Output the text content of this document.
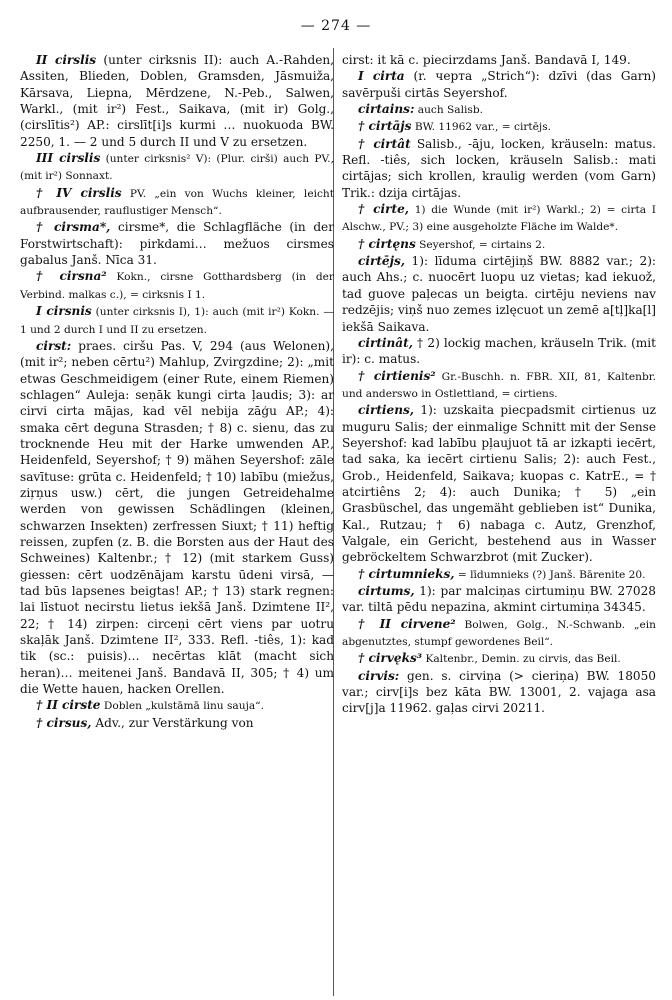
— 274 —

II cirslis (unter cirksnis II): auch A.-Rahden, Assiten, Blieden, Doblen, Gramsden, Jāsmuiža, Kārsava, Liepna, Mērdzene, N.-Peb., Salwen, Warkl., (mit ir²) Fest., Saikava, (mit ir) Golg., (cirslītis²) AP.: cirslīt[i]s kurmi … nuokuoda BW. 2250, 1. — 2 und 5 durch II und V zu ersetzen.

III cirslis (unter cirksnis² V): (Plur. cirši) auch PV., (mit ir²) Sonnaxt.

† IV cirslis PV. „ein von Wuchs kleiner, leicht aufbrausender, rauflustiger Mensch“.

† cirsma*, cirsme*, die Schlagfläche (in der Forstwirtschaft): pirkdami… mežuos cirsmes gabalus Janš. Nīca 31.

† cirsna² Kokn., cirsne Gotthardsberg (in der Verbind. malkas c.), = cirksnis I 1.

I cirsnis (unter cirksnis I), 1): auch (mit ir²) Kokn. — 1 und 2 durch I und II zu ersetzen.

cirst: praes. ciršu Pas. V, 294 (aus Welonen), (mit ir²; neben cērtu²) Mahlup, Zvirgzdine; 2): „mit etwas Geschmeidigem (einer Rute, einem Riemen) schlagen“ Auleja: seņāk kungi cirta ļaudis; 3): ar cirvi cirta mājas, kad vēl nebija zāģu AP.; 4): smaka cērt deguna Strasden; † 8) c. sienu, das zu trocknende Heu mit der Harke umwenden AP., Heidenfeld, Seyershof; † 9) mähen Seyershof: zāle savītuse: grūta c. Heidenfeld; † 10) labību (miežus, ziŗņus usw.) cērt, die jungen Getreidehalme werden von gewissen Schädlingen (kleinen, schwarzen Insekten) zerfressen Siuxt; † 11) heftig reissen, zupfen (z. B. die Borsten aus der Haut des Schweines) Kaltenbr.; † 12) (mit starkem Guss) giessen: cērt uodzēnājam karstu ūdeni virsā, — tad būs lapsenes beigtas! AP.; † 13) stark regnen: lai līstuot necirstu lietus iekšā Janš. Dzimtene II², 22; † 14) zirpen: circeņi cērt viens par uotru skaļāk Janš. Dzimtene II², 333. Refl. -tiês, 1): kad tik (sc.: puisis)… necērtas klāt (macht sich heran)… meitenei Janš. Bandavā II, 305; † 4) um die Wette hauen, hacken Orellen.

† II cirste Doblen „kulstāmā linu sauja“.

† cirsus, Adv., zur Verstärkung von

cirst: it kā c. piecirzdams Janš. Bandavā I, 149.

I cirta (r. черта „Strich“): dzīvi (das Garn) savērpuši cirtās Seyershof.

cirtains: auch Salisb.

† cirtājs BW. 11962 var., = cirtējs.

† cirtât Salisb., -āju, locken, kräuseln: matus. Refl. -tiês, sich locken, kräuseln Salisb.: mati cirtājas; sich krollen, kraulig werden (vom Garn) Trik.: dzija cirtājas.

† cirte, 1) die Wunde (mit ir²) Warkl.; 2) = cirta I Alschw., PV.; 3) eine ausgeholzte Fläche im Walde*.

† cirtęns Seyershof, = cirtains 2.

cirtējs, 1): līduma cirtējiņš BW. 8882 var.; 2): auch Ahs.; c. nuocērt luopu uz vietas; kad iekuož, tad guove paļecas un beigta. cirtēju neviens nav redzējis; viņš nuo zemes izlęcuot un zemē a[tļ]ka[l] iekšā Saikava.

cirtinât, † 2) lockig machen, kräuseln Trik. (mit ir): c. matus.

† cirtienis² Gr.-Buschh. n. FBR. XII, 81, Kaltenbr. und anderswo in Ostlettland, = cirtiens.

cirtiens, 1): uzskaita piecpadsmit cirtienus uz muguru Salis; der einmalige Schnitt mit der Sense Seyershof: kad labību pļaujuot tā ar izkapti iecērt, tad saka, ka iecērt cirtienu Salis; 2): auch Fest., Grob., Heidenfeld, Saikava; kuopas c. KatrE., = † atcirtiêns 2; 4): auch Dunika; † 5) „ein Grasbüschel, das ungemäht geblieben ist“ Dunika, Kal., Rutzau; † 6) nabaga c. Autz, Grenzhof, Valgale, ein Gericht, bestehend aus in Wasser gebröckeltem Schwarzbrot (mit Zucker).

† cirtumnieks, = līdumnieks (?) Janš. Bārenite 20.

cirtums, 1): par malciņas cirtumiņu BW. 27028 var. tiltā pēdu nepazina, akmint cirtumiņa 34345.

† II cirvene² Bolwen, Golg., N.-Schwanb. „ein abgenutztes, stumpf gewordenes Beil“.

† cirvęks³ Kaltenbr., Demin. zu cirvis, das Beil.

cirvis: gen. s. cirviņa (> cieriņa) BW. 18050 var.; cirv[i]s bez kāta BW. 13001, 2. vajaga asa cirv[j]a 11962. gaļas cirvi 20211.
